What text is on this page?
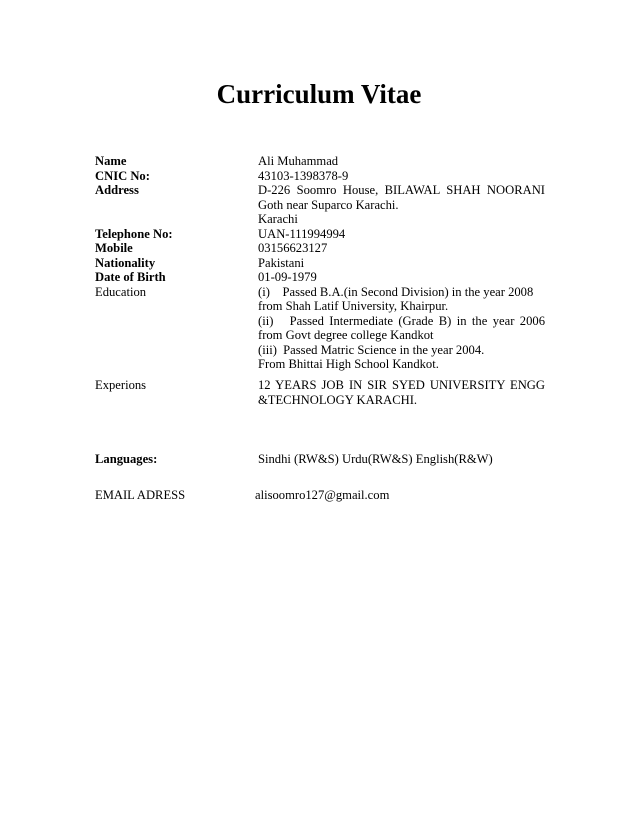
Curriculum Vitae
Name	Ali Muhammad
CNIC No:	43103-1398378-9
Address	D-226 Soomro House, BILAWAL SHAH NOORANI
Goth near Suparco Karachi.
Karachi
Telephone No:	UAN-111994994
Mobile	03156623127
Nationality	Pakistani
Date of Birth	01-09-1979
Education	(i)    Passed B.A.(in Second Division) in the year 2008
from Shah Latif University, Khairpur.
(ii)   Passed Intermediate (Grade B) in the year 2006
from Govt degree college Kandkot
(iii)  Passed Matric Science in the year 2004.
From Bhittai High School Kandkot.
Experions	12 YEARS JOB IN SIR SYED UNIVERSITY ENGG
&TECHNOLOGY KARACHI.
Languages:	Sindhi (RW&S) Urdu(RW&S) English(R&W)
EMAIL ADRESS	alisoomro127@gmail.com
